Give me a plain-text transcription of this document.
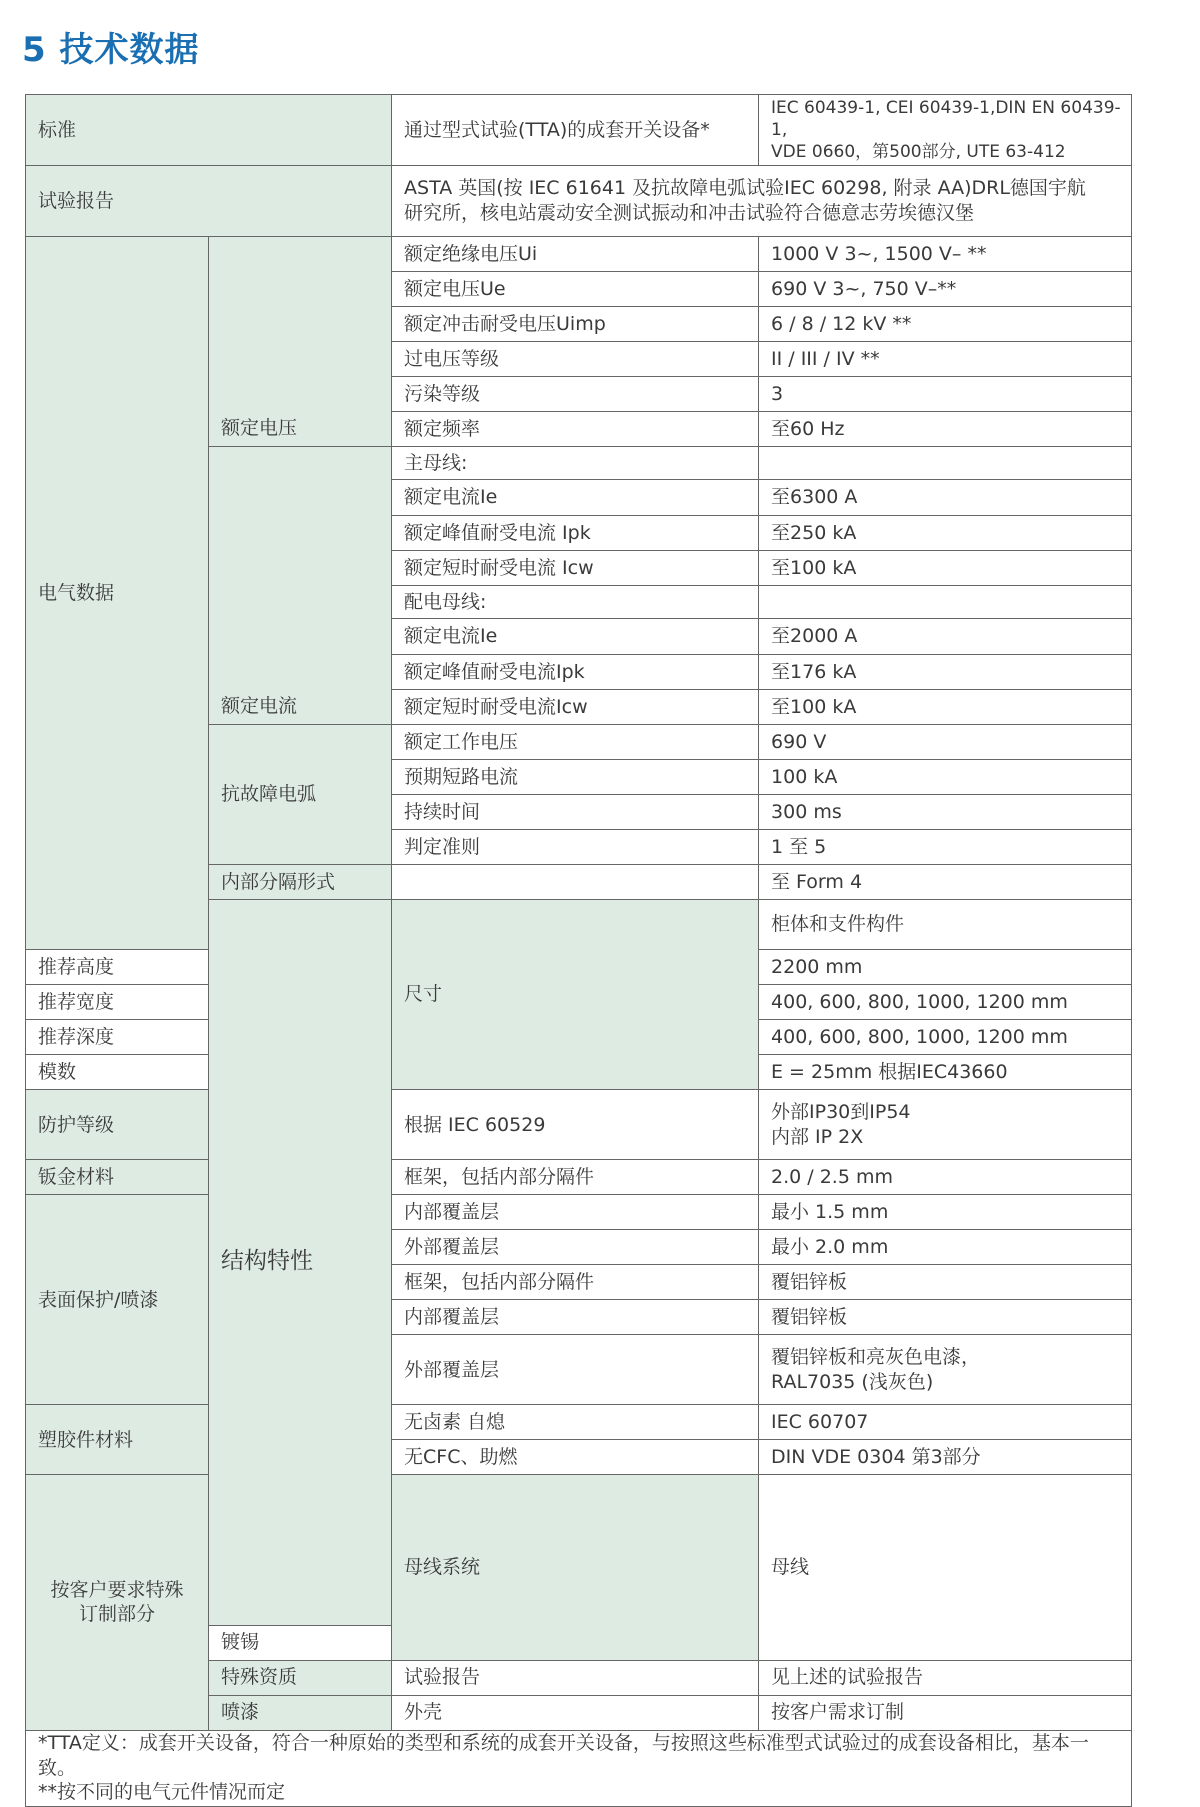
5 技术数据
标准		通过型式试验(TTA)的成套开关设备*	IEC 60439-1, CEI 60439-1,DIN EN 60439-1,
VDE 0660，第500部分, UTE 63-412	

试验报告		ASTA 英国(按 IEC 61641 及抗故障电弧试验IEC 60298, 附录 AA)DRL德国宇航
研究所，核电站震动安全测试振动和冲击试验符合德意志劳埃德汉堡		

电气数据	额定电压	额定绝缘电压Ui	1000 V 3~, 1500 V– **	
		额定电压Ue	690 V 3~, 750 V–**	
		额定冲击耐受电压Uimp	6 / 8 / 12 kV **	
		过电压等级	II / III / IV **	
		污染等级	3	
		额定频率	至60 Hz	
	额定电流	主母线:		
		额定电流Ie	至6300 A	
		额定峰值耐受电流 Ipk	至250 kA	
		额定短时耐受电流 Icw	至100 kA	
		配电母线:		
		额定电流Ie	至2000 A	
		额定峰值耐受电流Ipk	至176 kA	
		额定短时耐受电流Icw	至100 kA	
	抗故障电弧	额定工作电压	690 V	
		预期短路电流	100 kA	
		持续时间	300 ms	
		判定准则	1 至 5	
	内部分隔形式		至 Form 4	
	结构特性	尺寸	柜体和支件构件	
推荐高度			2200 mm	
推荐宽度			400, 600, 800, 1000, 1200 mm	
推荐深度			400, 600, 800, 1000, 1200 mm	
模数			E = 25mm 根据IEC43660	
防护等级		根据 IEC 60529	外部IP30到IP54
内部 IP 2X	

钣金材料		框架，包括内部分隔件	2.0 / 2.5 mm	
表面保护/喷漆		内部覆盖层	最小 1.5 mm	
		外部覆盖层	最小 2.0 mm	
		框架，包括内部分隔件	覆铝锌板	
		内部覆盖层	覆铝锌板	
		外部覆盖层	覆铝锌板和亮灰色电漆，
RAL7035 (浅灰色)	

塑胶件材料		无卤素 自熄	IEC 60707	
		无CFC、助燃	DIN VDE 0304 第3部分	

按客户要求特殊
订制部分		母线系统	母线	

	镀锡			
	特殊资质	试验报告	见上述的试验报告	
	喷漆	外壳	按客户需求订制	

*TTA定义：成套开关设备，符合一种原始的类型和系统的成套开关设备，与按照这些标准型式试验过的成套设备相比，基本一致。
**按不同的电气元件情况而定				
